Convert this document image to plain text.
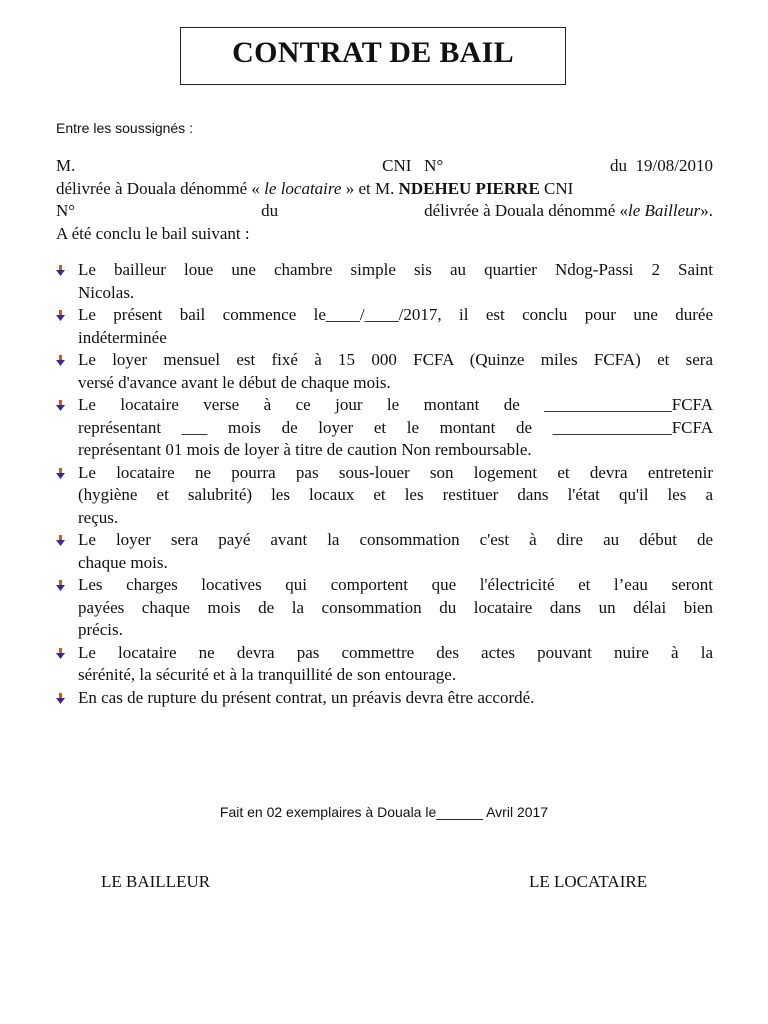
CONTRAT DE BAIL
Entre les soussignés :
M.	CNI   N°	du  19/08/2010
délivrée à Douala dénommé « le locataire » et M. NDEHEU PIERRE CNI
N°	du	délivrée à Douala dénommé «le Bailleur».
A été conclu le bail suivant :
Le bailleur loue une chambre simple sis au quartier Ndog-Passi 2 Saint
Nicolas.
Le présent bail commence le____/____/2017, il est conclu pour une durée
indéterminée
Le loyer mensuel est fixé à 15 000 FCFA (Quinze miles FCFA) et sera
versé d'avance avant le début de chaque mois.
Le locataire verse à ce jour le montant de _______________FCFA
représentant ___ mois de loyer et le montant de ______________FCFA
représentant 01 mois de loyer à titre de caution Non remboursable.
Le locataire ne pourra pas sous-louer son logement et devra entretenir
(hygiène et salubrité) les locaux et les restituer dans l'état qu'il les a
reçus.
Le loyer sera payé avant la consommation c'est à dire au début de
chaque mois.
Les charges locatives qui comportent que l'électricité et l’eau seront
payées chaque mois de la consommation du locataire dans un délai bien
précis.
Le locataire ne devra pas commettre des actes pouvant nuire à la
sérénité, la sécurité et à la tranquillité de son entourage.
En cas de rupture du présent contrat, un préavis devra être accordé.
Fait en 02 exemplaires à Douala le______ Avril 2017
LE BAILLEUR	LE LOCATAIRE
